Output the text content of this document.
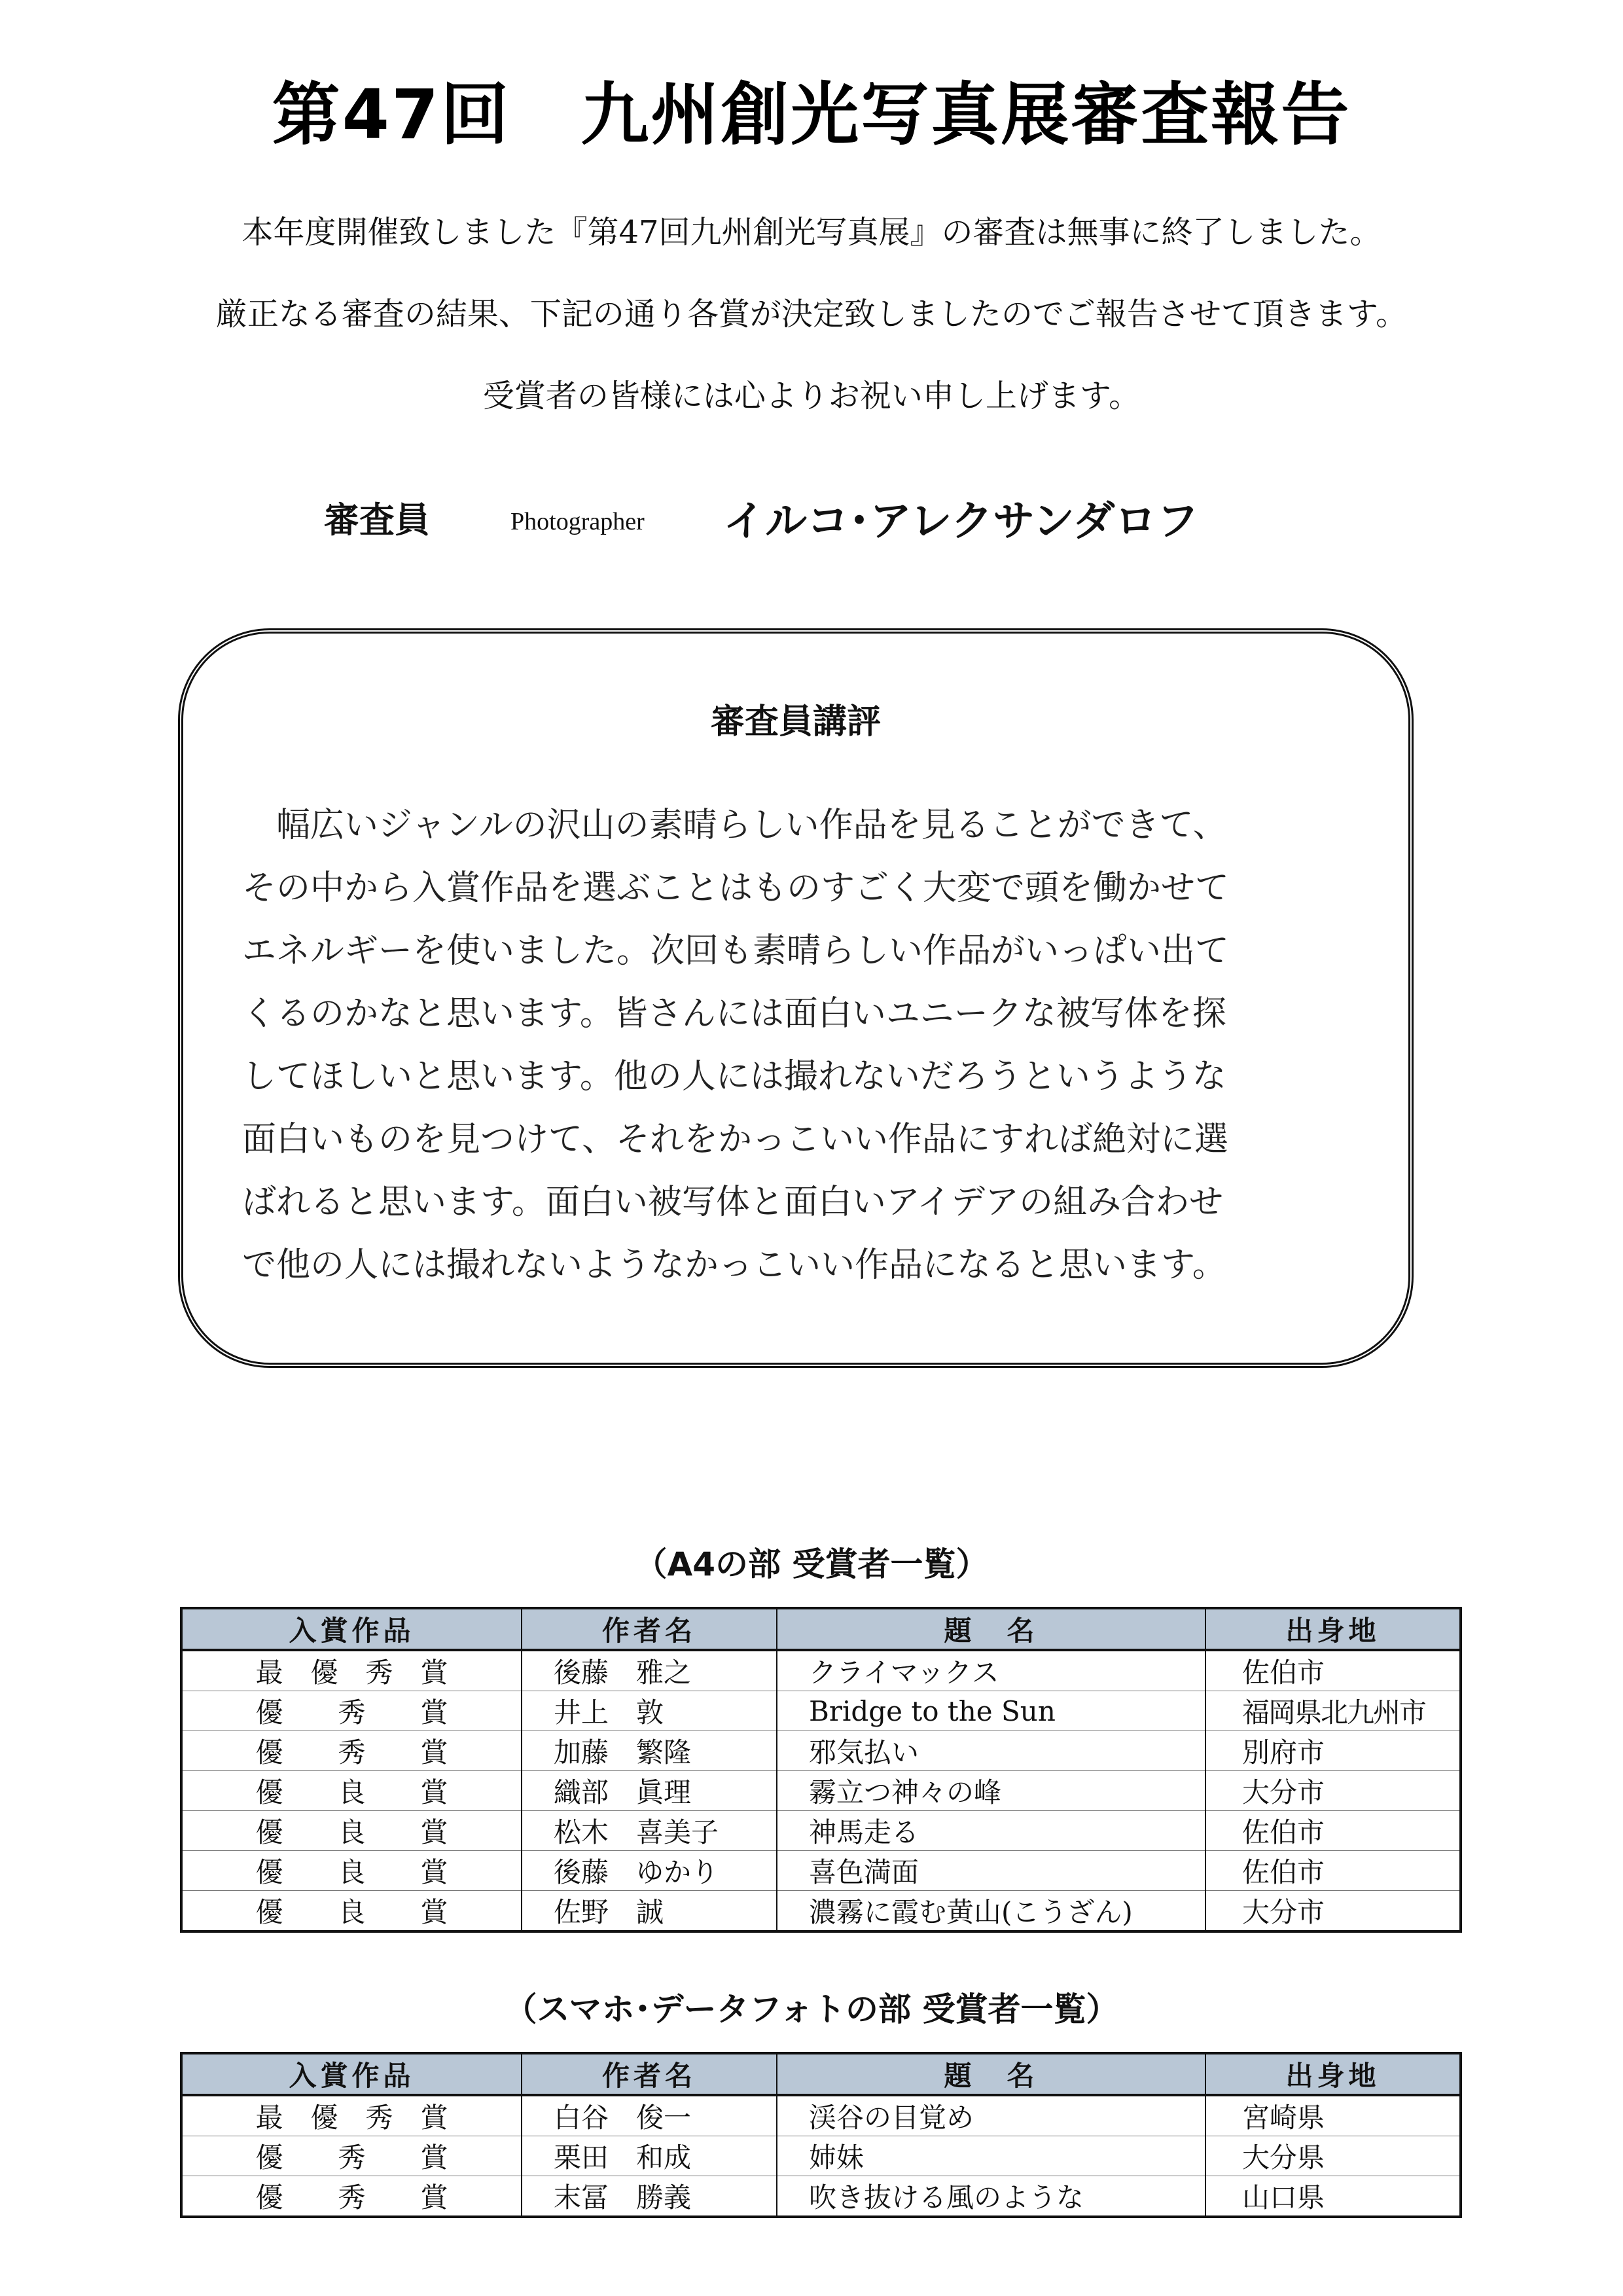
第47回　九州創光写真展審査報告
本年度開催致しました『第47回九州創光写真展』の審査は無事に終了しました。
厳正なる審査の結果、下記の通り各賞が決定致しましたのでご報告させて頂きます。
受賞者の皆様には心よりお祝い申し上げます。
審査員	Photographer イルコ･アレクサンダロフ
審査員講評

　幅広いジャンルの沢山の素晴らしい作品を見ることができて、

その中から入賞作品を選ぶことはものすごく大変で頭を働かせて

エネルギーを使いました。次回も素晴らしい作品がいっぱい出て

くるのかなと思います。皆さんには面白いユニークな被写体を探

してほしいと思います。他の人には撮れないだろうというような

面白いものを見つけて、それをかっこいい作品にすれば絶対に選

ばれると思います。面白い被写体と面白いアイデアの組み合わせ

で他の人には撮れないようなかっこいい作品になると思います。

（A4の部 受賞者一覧）
入賞作品	作者名	題　名	出身地
最　優　秀　賞	後藤　雅之	クライマックス	佐伯市
優　　秀　　賞	井上　敦	Bridge to the Sun	福岡県北九州市
優　　秀　　賞	加藤　繁隆	邪気払い	別府市
優　　良　　賞	織部　眞理	霧立つ神々の峰	大分市
優　　良　　賞	松木　喜美子	神馬走る	佐伯市
優　　良　　賞	後藤　ゆかり	喜色満面	佐伯市
優　　良　　賞	佐野　誠	濃霧に霞む黄山(こうざん)	大分市
（スマホ･データフォトの部 受賞者一覧）
入賞作品	作者名	題　名	出身地
最　優　秀　賞	白谷　俊一	渓谷の目覚め	宮崎県
優　　秀　　賞	栗田　和成	姉妹	大分県
優　　秀　　賞	末冨　勝義	吹き抜ける風のような	山口県
